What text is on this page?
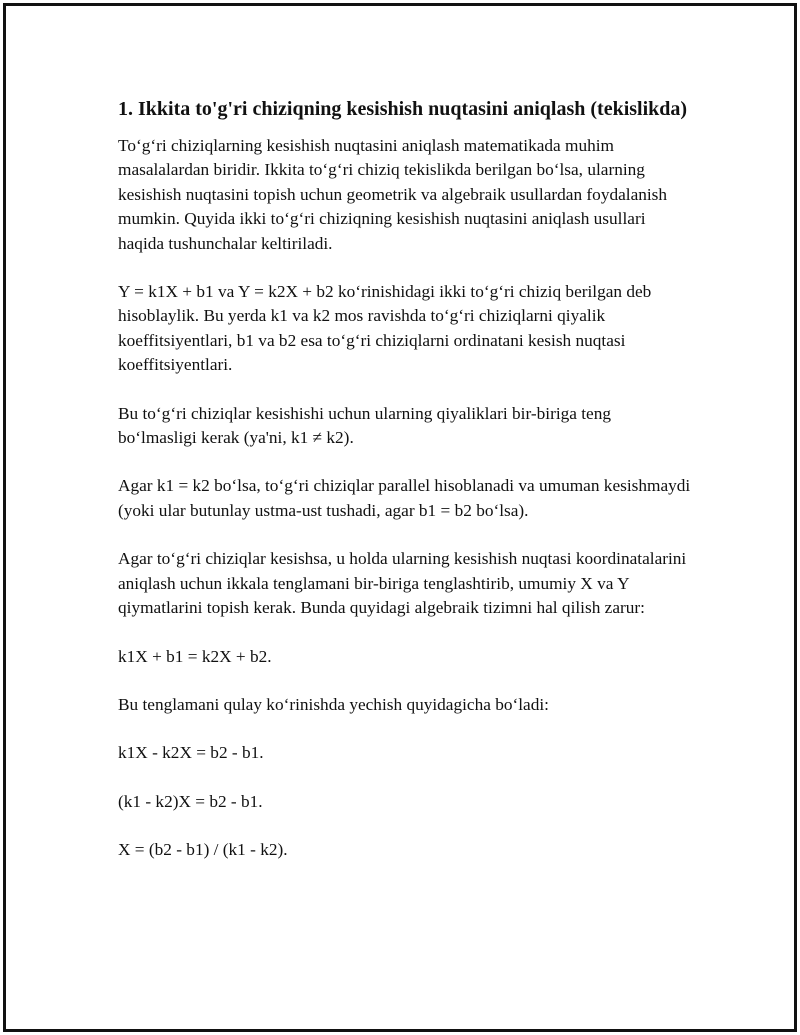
1. Ikkita to'g'ri chiziqning kesishish nuqtasini aniqlash (tekislikda)

To‘g‘ri chiziqlarning kesishish nuqtasini aniqlash matematikada muhim masalalardan biridir. Ikkita to‘g‘ri chiziq tekislikda berilgan bo‘lsa, ularning kesishish nuqtasini topish uchun geometrik va algebraik usullardan foydalanish mumkin. Quyida ikki to‘g‘ri chiziqning kesishish nuqtasini aniqlash usullari haqida tushunchalar keltiriladi.

Y = k1X + b1 va Y = k2X + b2 ko‘rinishidagi ikki to‘g‘ri chiziq berilgan deb hisoblaylik. Bu yerda k1 va k2 mos ravishda to‘g‘ri chiziqlarni qiyalik koeffitsiyentlari, b1 va b2 esa to‘g‘ri chiziqlarni ordinatani kesish nuqtasi koeffitsiyentlari.

Bu to‘g‘ri chiziqlar kesishishi uchun ularning qiyaliklari bir-biriga teng bo‘lmasligi kerak (ya'ni, k1 ≠ k2).

Agar k1 = k2 bo‘lsa, to‘g‘ri chiziqlar parallel hisoblanadi va umuman kesishmaydi (yoki ular butunlay ustma-ust tushadi, agar b1 = b2 bo‘lsa).

Agar to‘g‘ri chiziqlar kesishsa, u holda ularning kesishish nuqtasi koordinatalarini aniqlash uchun ikkala tenglamani bir-biriga tenglashtirib, umumiy X va Y qiymatlarini topish kerak. Bunda quyidagi algebraik tizimni hal qilish zarur:

k1X + b1 = k2X + b2.

Bu tenglamani qulay ko‘rinishda yechish quyidagicha bo‘ladi:

k1X - k2X = b2 - b1.

(k1 - k2)X = b2 - b1.

X = (b2 - b1) / (k1 - k2).
